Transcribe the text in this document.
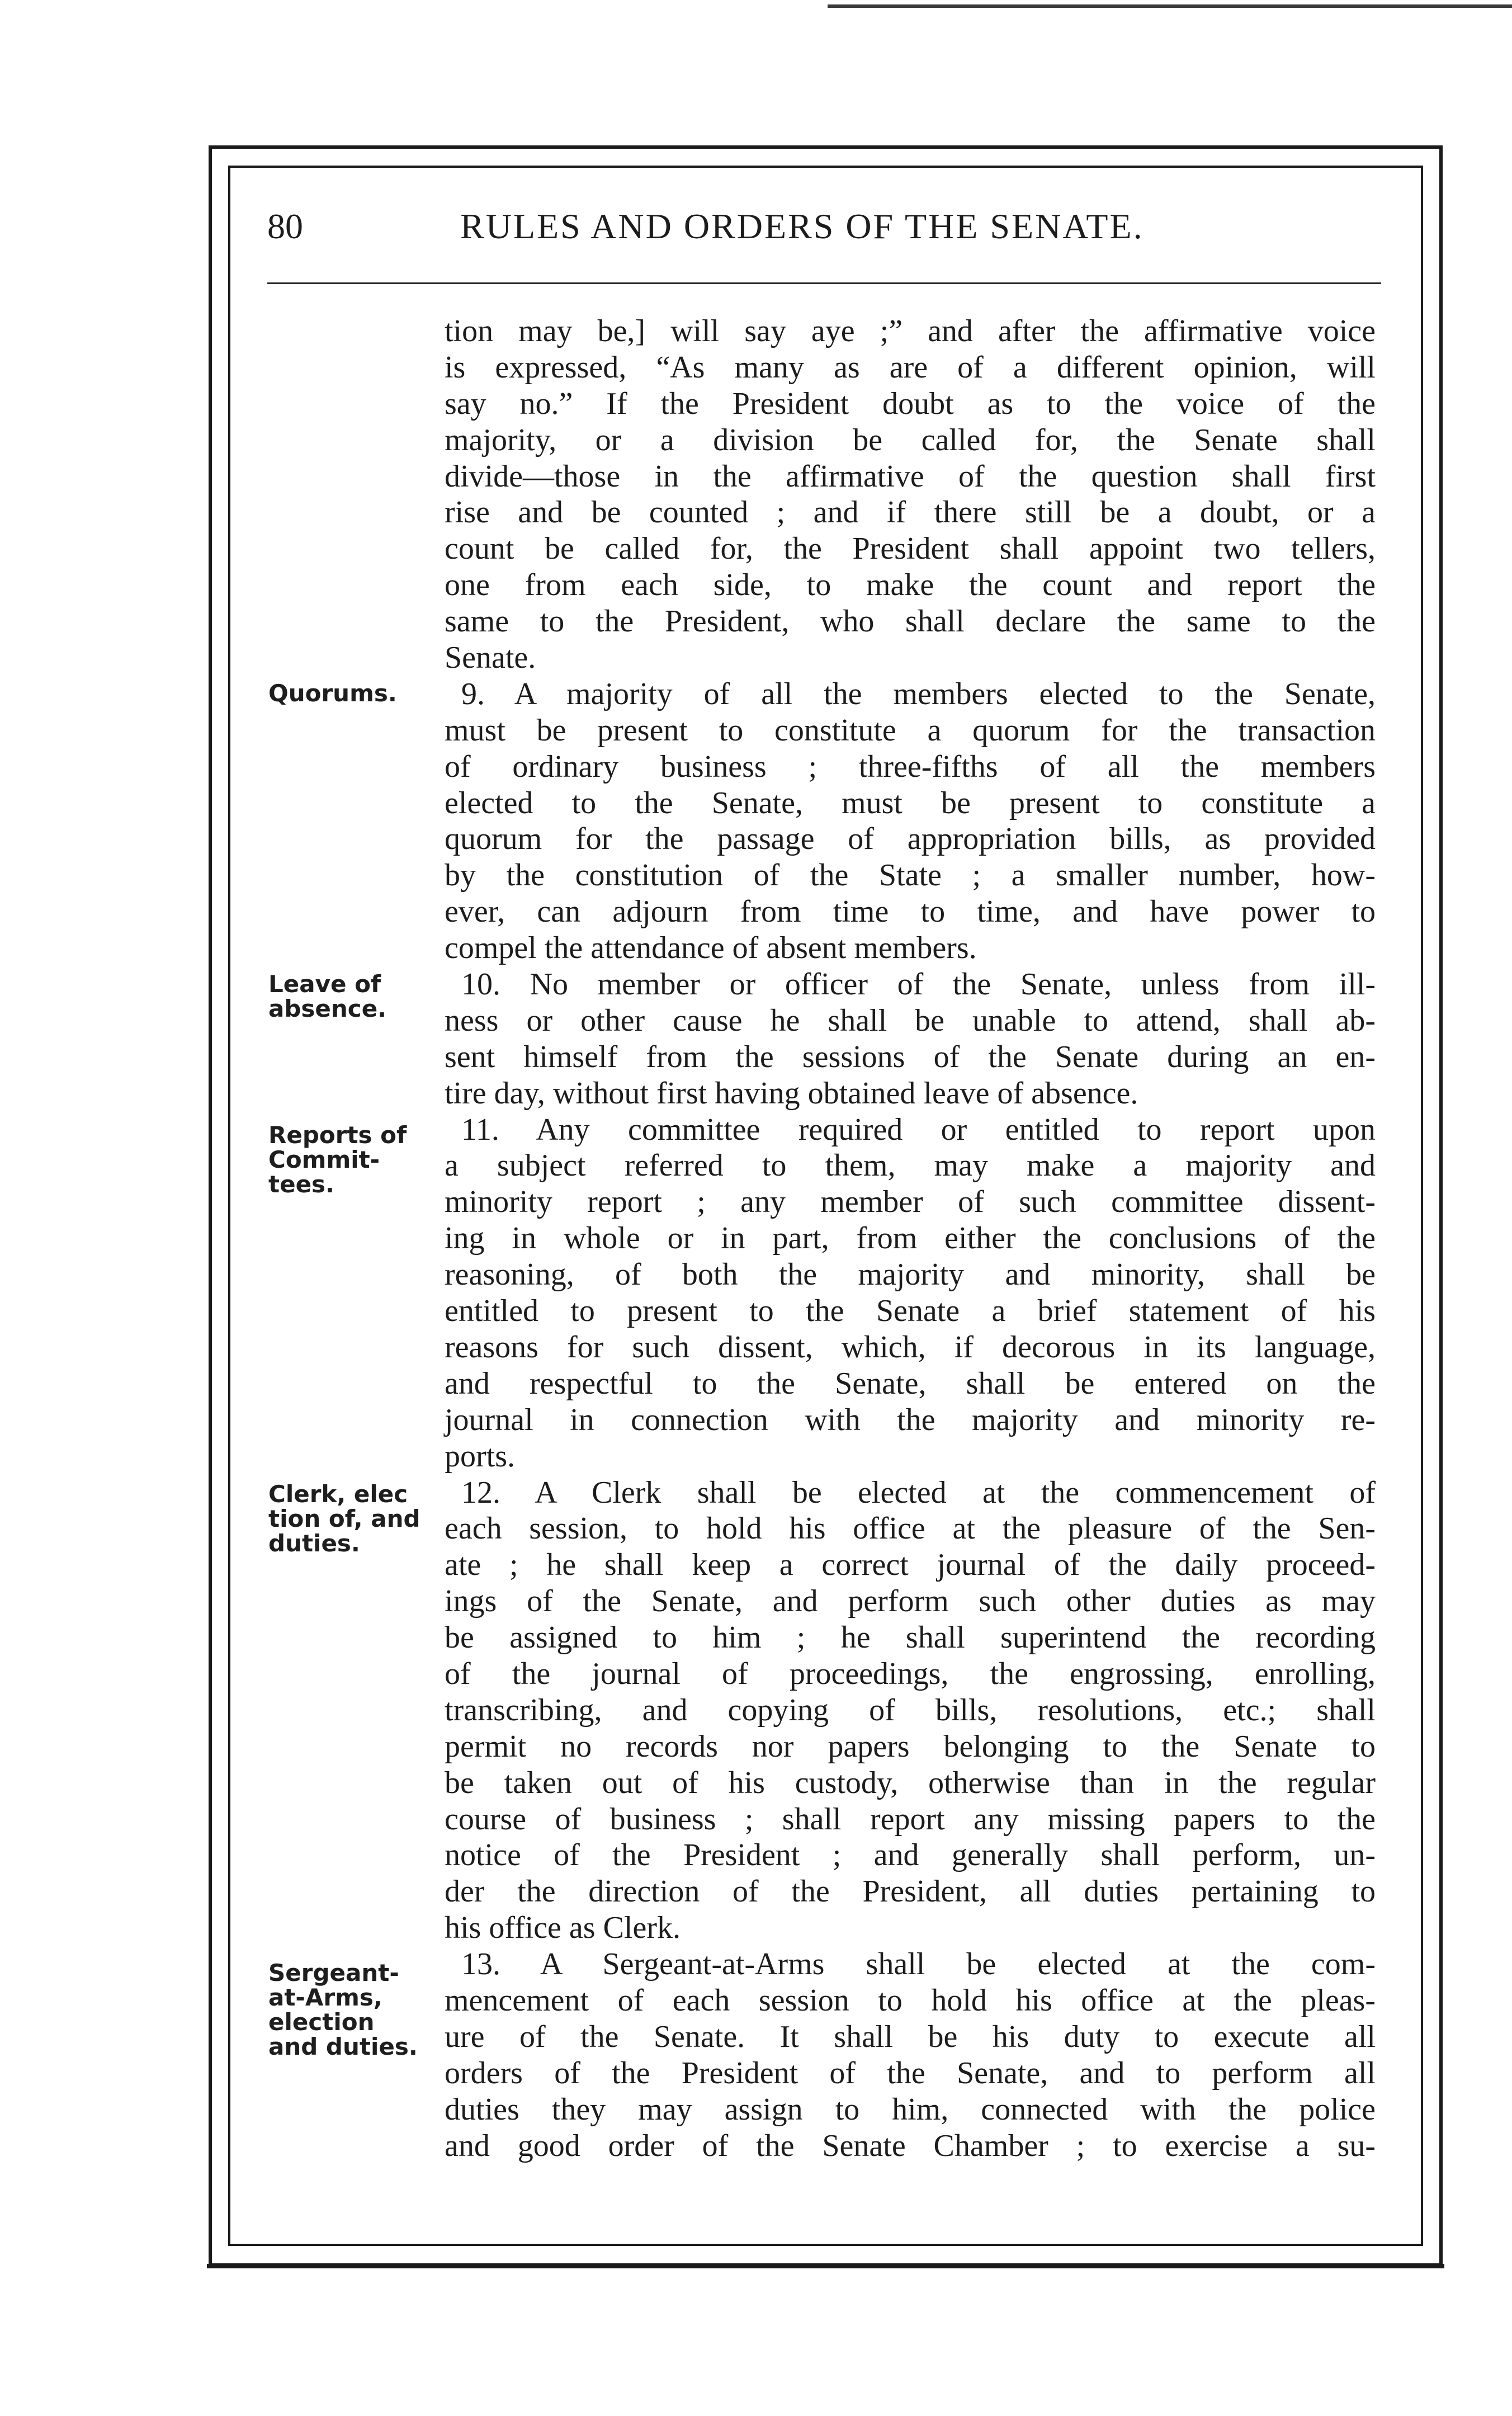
80	RULES AND ORDERS OF THE SENATE.
Quorums.
Leave of
absence.
Reports of
Commit-
tees.
Clerk, elec
tion of, and
duties.
Sergeant-
at-Arms,
election
and duties.
tion may be,] will say aye ;” and after the affirmative voice
is expressed, “As many as are of a different opinion, will
say no.” If the President doubt as to the voice of the
majority, or a division be called for, the Senate shall
divide—those in the affirmative of the question shall first
rise and be counted ; and if there still be a doubt, or a
count be called for, the President shall appoint two tellers,
one from each side, to make the count and report the
same to the President, who shall declare the same to the
Senate.
9. A majority of all the members elected to the Senate,
must be present to constitute a quorum for the transaction
of ordinary business ; three-fifths of all the members
elected to the Senate, must be present to constitute a
quorum for the passage of appropriation bills, as provided
by the constitution of the State ; a smaller number, how-
ever, can adjourn from time to time, and have power to
compel the attendance of absent members.
10. No member or officer of the Senate, unless from ill-
ness or other cause he shall be unable to attend, shall ab-
sent himself from the sessions of the Senate during an en-
tire day, without first having obtained leave of absence.
11. Any committee required or entitled to report upon
a subject referred to them, may make a majority and
minority report ; any member of such committee dissent-
ing in whole or in part, from either the conclusions of the
reasoning, of both the majority and minority, shall be
entitled to present to the Senate a brief statement of his
reasons for such dissent, which, if decorous in its language,
and respectful to the Senate, shall be entered on the
journal in connection with the majority and minority re-
ports.
12. A Clerk shall be elected at the commencement of
each session, to hold his office at the pleasure of the Sen-
ate ; he shall keep a correct journal of the daily proceed-
ings of the Senate, and perform such other duties as may
be assigned to him ; he shall superintend the recording
of the journal of proceedings, the engrossing, enrolling,
transcribing, and copying of bills, resolutions, etc.; shall
permit no records nor papers belonging to the Senate to
be taken out of his custody, otherwise than in the regular
course of business ; shall report any missing papers to the
notice of the President ; and generally shall perform, un-
der the direction of the President, all duties pertaining to
his office as Clerk.
13. A Sergeant-at-Arms shall be elected at the com-
mencement of each session to hold his office at the pleas-
ure of the Senate. It shall be his duty to execute all
orders of the President of the Senate, and to perform all
duties they may assign to him, connected with the police
and good order of the Senate Chamber ; to exercise a su-
